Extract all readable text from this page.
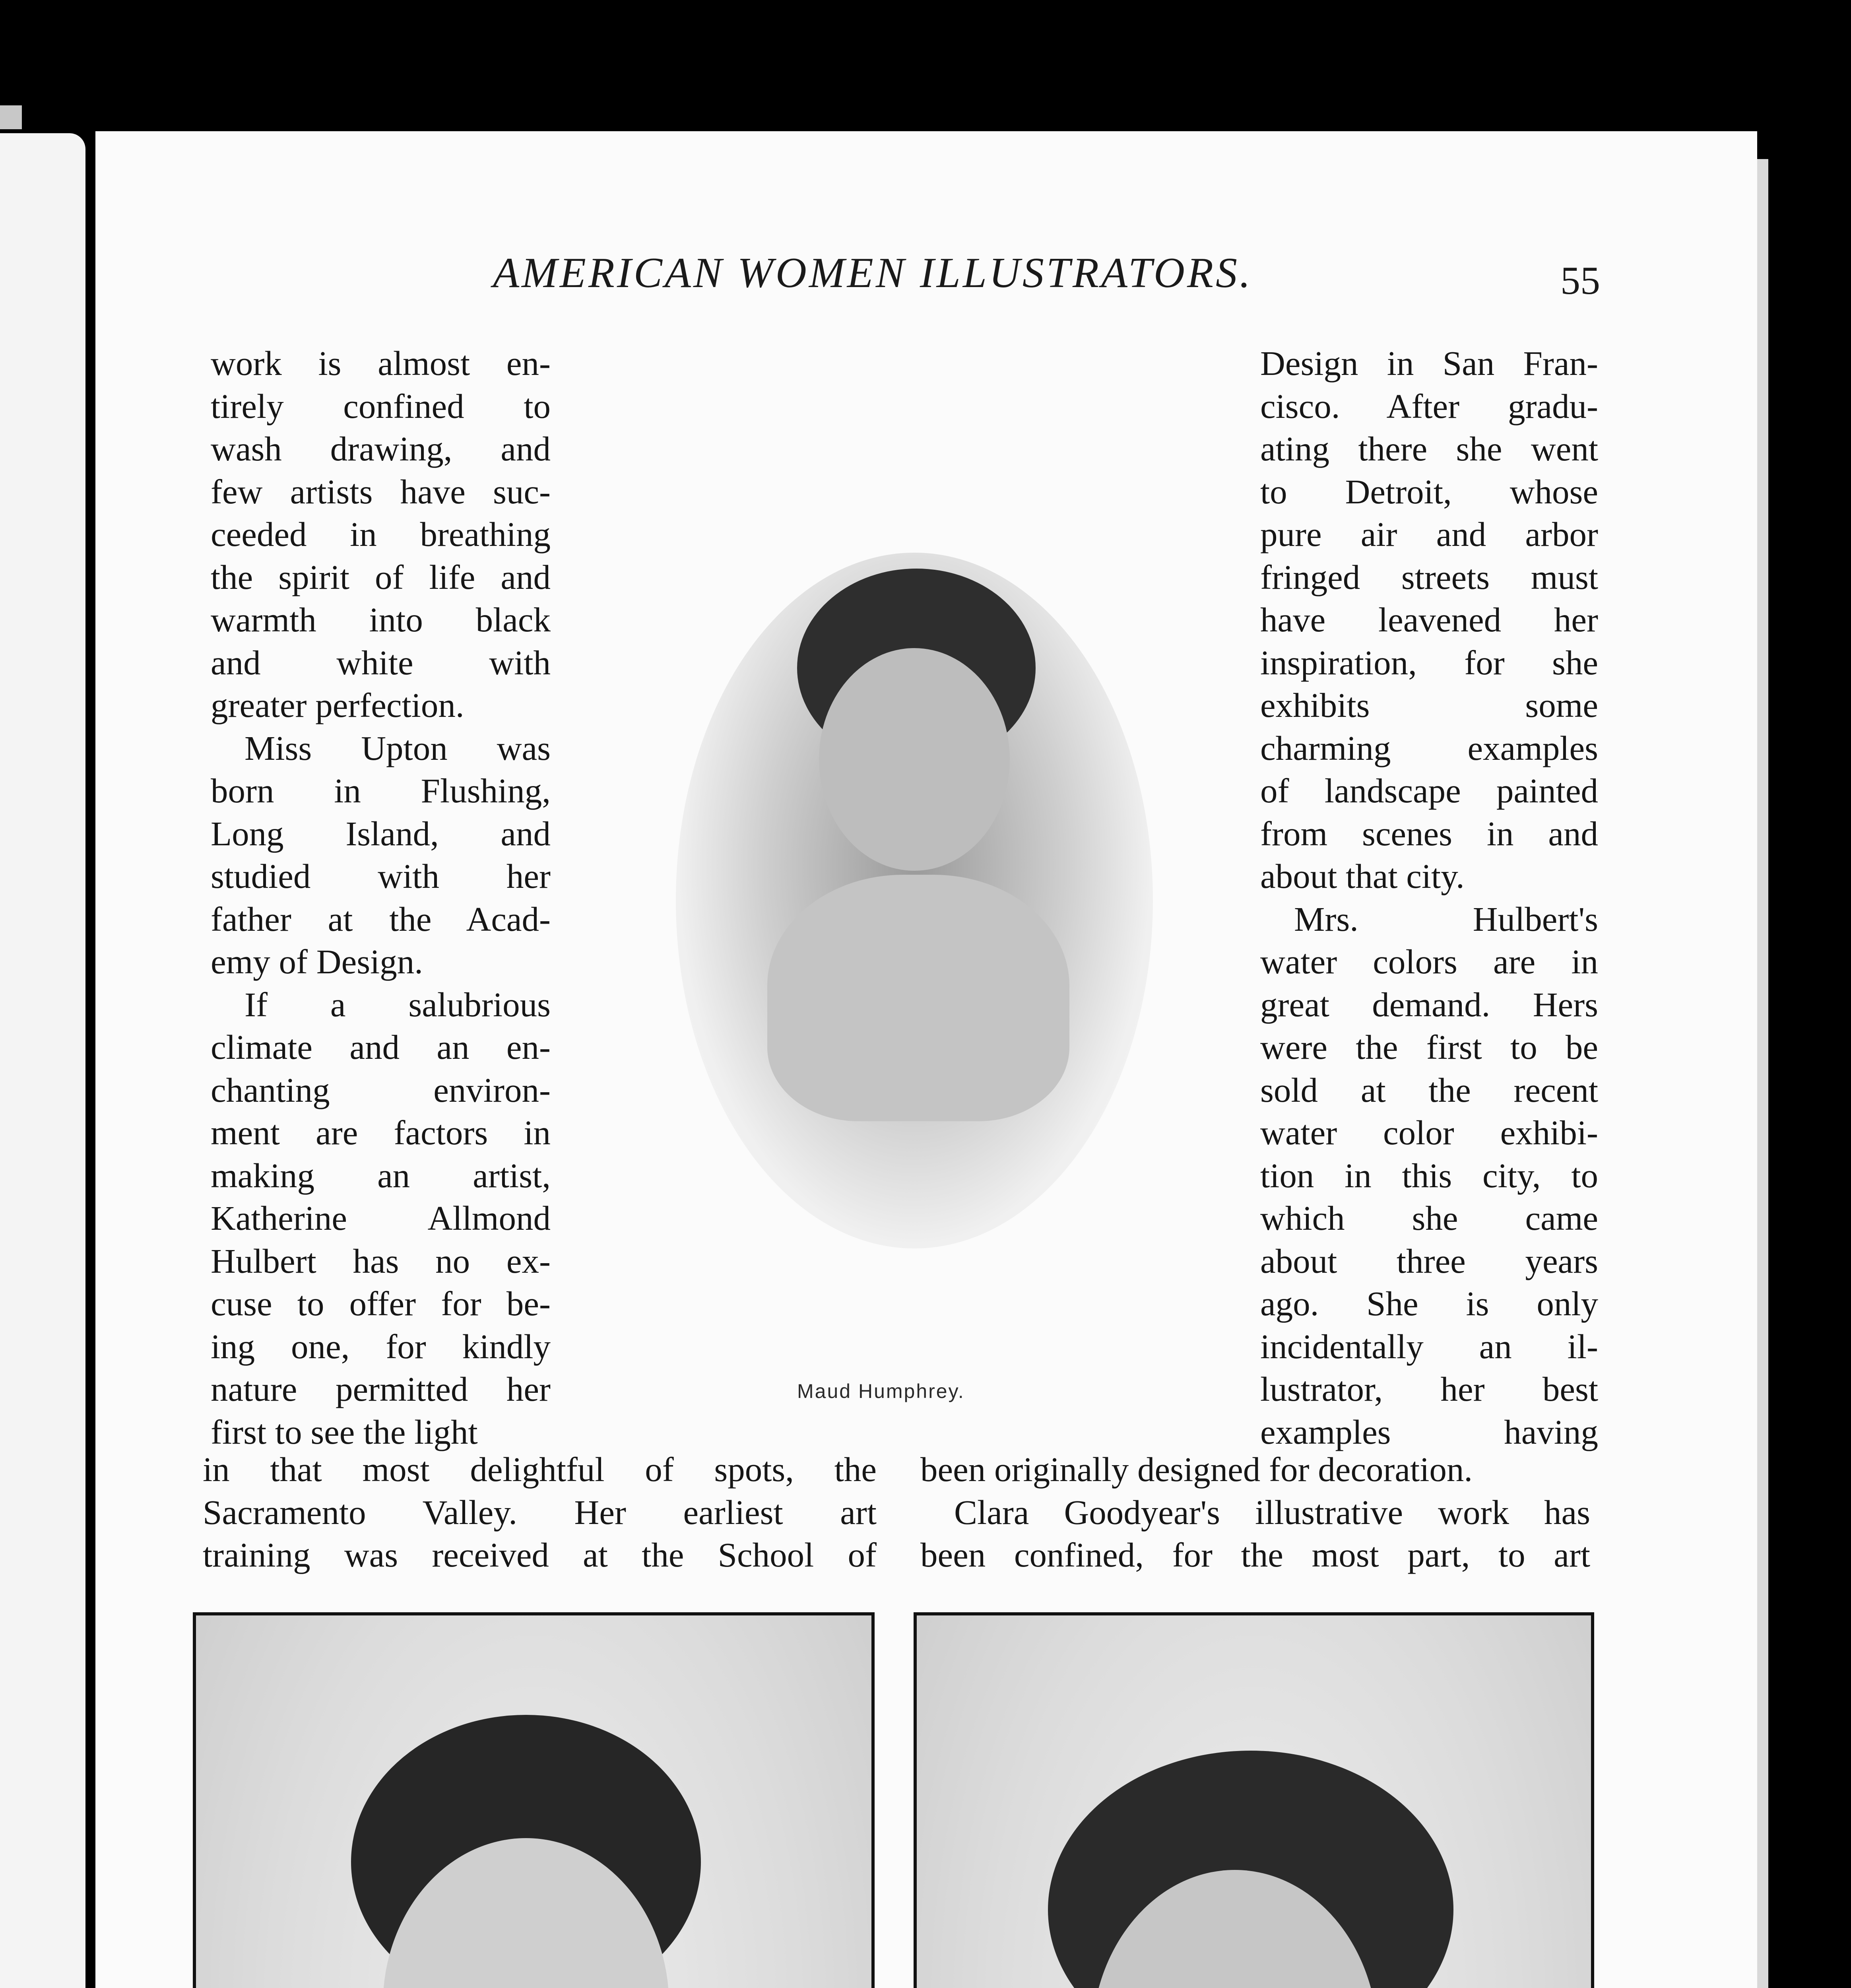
AMERICAN WOMEN ILLUSTRATORS.	55
work is almost en-
tirely confined to
wash drawing, and
few artists have suc-
ceeded in breathing
the spirit of life and
warmth into black
and white with
greater perfection.
Miss Upton was
born in Flushing,
Long Island, and
studied with her
father at the Acad-
emy of Design.
If a salubrious
climate and an en-
chanting environ-
ment are factors in
making an artist,
Katherine Allmond
Hulbert has no ex-
cuse to offer for be-
ing one, for kindly
nature permitted her
first to see the light
in that most delightful of spots, the
Sacramento Valley. Her earliest art
training was received at the School of
Design in San Fran-
cisco. After gradu-
ating there she went
to Detroit, whose
pure air and arbor
fringed streets must
have leavened her
inspiration, for she
exhibits some
charming examples
of landscape painted
from scenes in and
about that city.
Mrs. Hulbert's
water colors are in
great demand. Hers
were the first to be
sold at the recent
water color exhibi-
tion in this city, to
which she came
about three years
ago. She is only
incidentally an il-
lustrator, her best
examples having
been originally designed for decoration.
Clara Goodyear's illustrative work has
been confined, for the most part, to art
Maud Humphrey.
